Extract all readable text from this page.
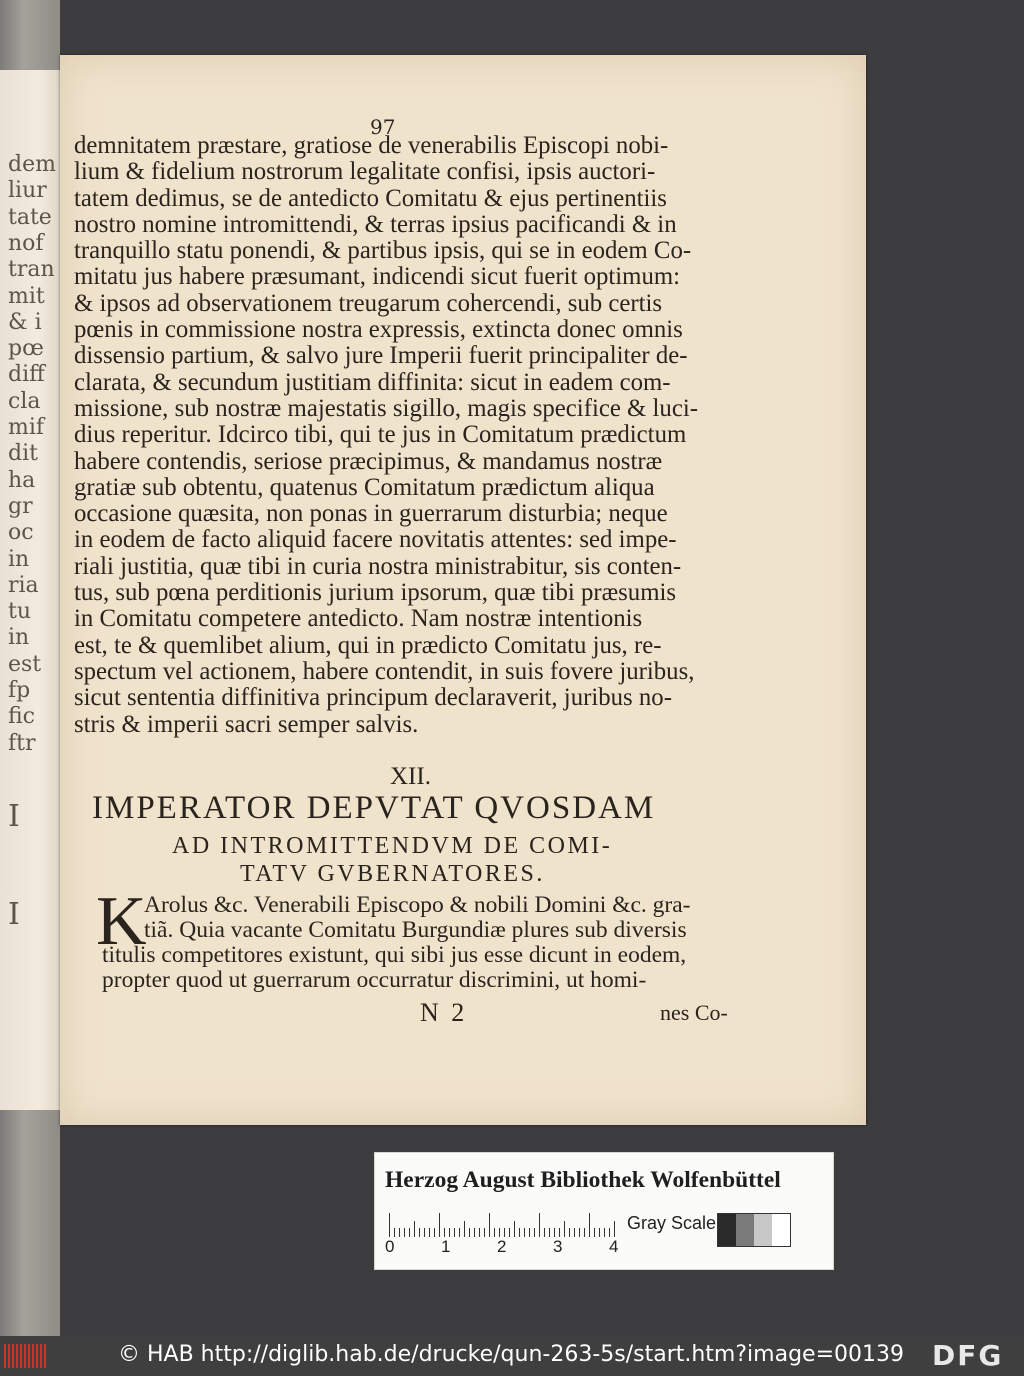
dem
liur
tate
nof
tran
mit
& i
pœ
diff
cla
mif
dit
ha
gr
oc
in
ria
tu
in
est
fp
fic
ftr
I
I
97
demnitatem præstare, gratiose de venerabilis Episcopi nobi-
lium & fidelium nostrorum legalitate confisi, ipsis auctori-
tatem dedimus, se de antedicto Comitatu & ejus pertinentiis
nostro nomine intromittendi, & terras ipsius pacificandi & in
tranquillo statu ponendi, & partibus ipsis, qui se in eodem Co-
mitatu jus habere præsumant, indicendi sicut fuerit optimum:
& ipsos ad observationem treugarum cohercendi, sub certis
pœnis in commissione nostra expressis, extincta donec omnis
dissensio partium, & salvo jure Imperii fuerit principaliter de-
clarata, & secundum justitiam diffinita: sicut in eadem com-
missione, sub nostræ majestatis sigillo, magis specifice & luci-
dius reperitur. Idcirco tibi, qui te jus in Comitatum prædictum
habere contendis, seriose præcipimus, & mandamus nostræ
gratiæ sub obtentu, quatenus Comitatum prædictum aliqua
occasione quæsita, non ponas in guerrarum disturbia; neque
in eodem de facto aliquid facere novitatis attentes: sed impe-
riali justitia, quæ tibi in curia nostra ministrabitur, sis conten-
tus, sub pœna perditionis jurium ipsorum, quæ tibi præsumis
in Comitatu competere antedicto. Nam nostræ intentionis
est, te & quemlibet alium, qui in prædicto Comitatu jus, re-
spectum vel actionem, habere contendit, in suis fovere juribus,
sicut sententia diffinitiva principum declaraverit, juribus no-
stris & imperii sacri semper salvis.
XII.
IMPERATOR DEPVTAT QVOSDAM
AD INTROMITTENDVM DE COMI-
TATV GVBERNATORES.
K
Arolus &c. Venerabili Episcopo & nobili Domini &c. gra-
tiã. Quia vacante Comitatu Burgundiæ plures sub diversis
titulis competitores existunt, qui sibi jus esse dicunt in eodem,
propter quod ut guerrarum occurratur discrimini, ut homi-
N 2	nes Co-
Herzog August Bibliothek Wolfenbüttel
0	1	2	3	4
Gray Scale
© HAB http://diglib.hab.de/drucke/qun-263-5s/start.htm?image=00139 DFG
